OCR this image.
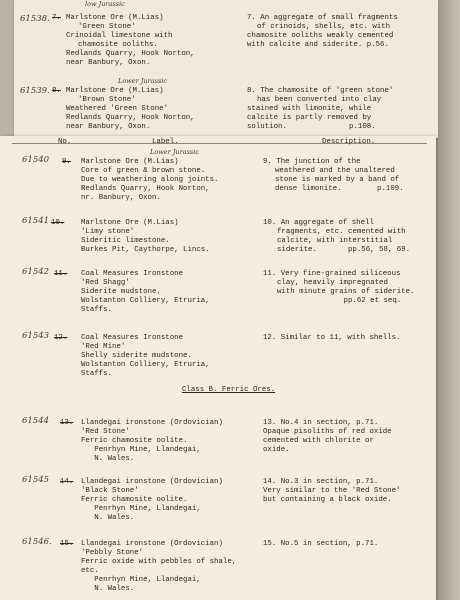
low Jurassic
61538. 7. Marlstone Ore (M.Lias)
'Green Stone'
Crinoidal limestone with
chamosite ooliths.
Redlands Quarry, Hook Norton,
near Banbury, Oxon.
7. An aggregate of small fragments
of crinoids, shells, etc. with
chamosite ooliths weakly cemented
with calcite and siderite. p.56.
Lower Jurassic
61539. 8. Marlstone Ore (M.Lias)
'Brown Stone'
Weathered 'Green Stone'
Redlands Quarry, Hook Norton,
near Banbury, Oxon.
8. The chamosite of 'green stone'
has been converted into clay
stained with limonite, while
calcite is partly removed by
solution.              p.108.
No.	Label.	Description.
Lower Jurassic
61540 9. Marlstone Ore (M.Lias)
Core of green & brown stone.
Due to weathering along joints.
Redlands Quarry, Hook Norton,
nr. Banbury, Oxon.
9. The junction of the
weathered and the unaltered
stone is marked by a band of
dense limonite.        p.109.
61541 10. Marlstone Ore (M.Lias)
'Limy stone'
Sideritic limestone.
Burkes Pit, Caythorpe, Lincs.
10. An aggregate of shell
fragments, etc. cemented with
calcite, with interstitial
siderite.       pp.56, 58, 69.
61542 11. Coal Measures Ironstone
'Red Shagg'
Siderite mudstone.
Wolstanton Colliery, Etruria,
Staffs.
11. Very fine-grained siliceous
clay, heavily impregnated
with minute grains of siderite.
pp.62 et seq.
61543 12. Coal Measures Ironstone
'Red Mine'
Shelly siderite mudstone.
Wolstanton Colliery, Etruria,
Staffs.
12. Similar to 11, with shells.
Class B. Ferric Ores.
61544 13. Llandegai ironstone (Ordovician)
'Red Stone'
Ferric chamosite oolite.
Penrhyn Mine, Llandegai,
N. Wales.
13. No.4 in section, p.71.
Opaque pisoliths of red oxide
cemented with chlorite or
oxide.
61545 14. Llandegai ironstone (Ordovician)
'Black Stone'
Ferric chamosite oolite.
Penrhyn Mine, Llandegai,
N. Wales.
14. No.3 in section, p.71.
Very similar to the 'Red Stone'
but containing a black oxide.
61546. 15. Llandegai ironstone (Ordovician)
'Pebbly Stone'
Ferric oxide with pebbles of shale,
etc.
Penrhyn Mine, Llandegai,
N. Wales.
15. No.5 in section, p.71.
